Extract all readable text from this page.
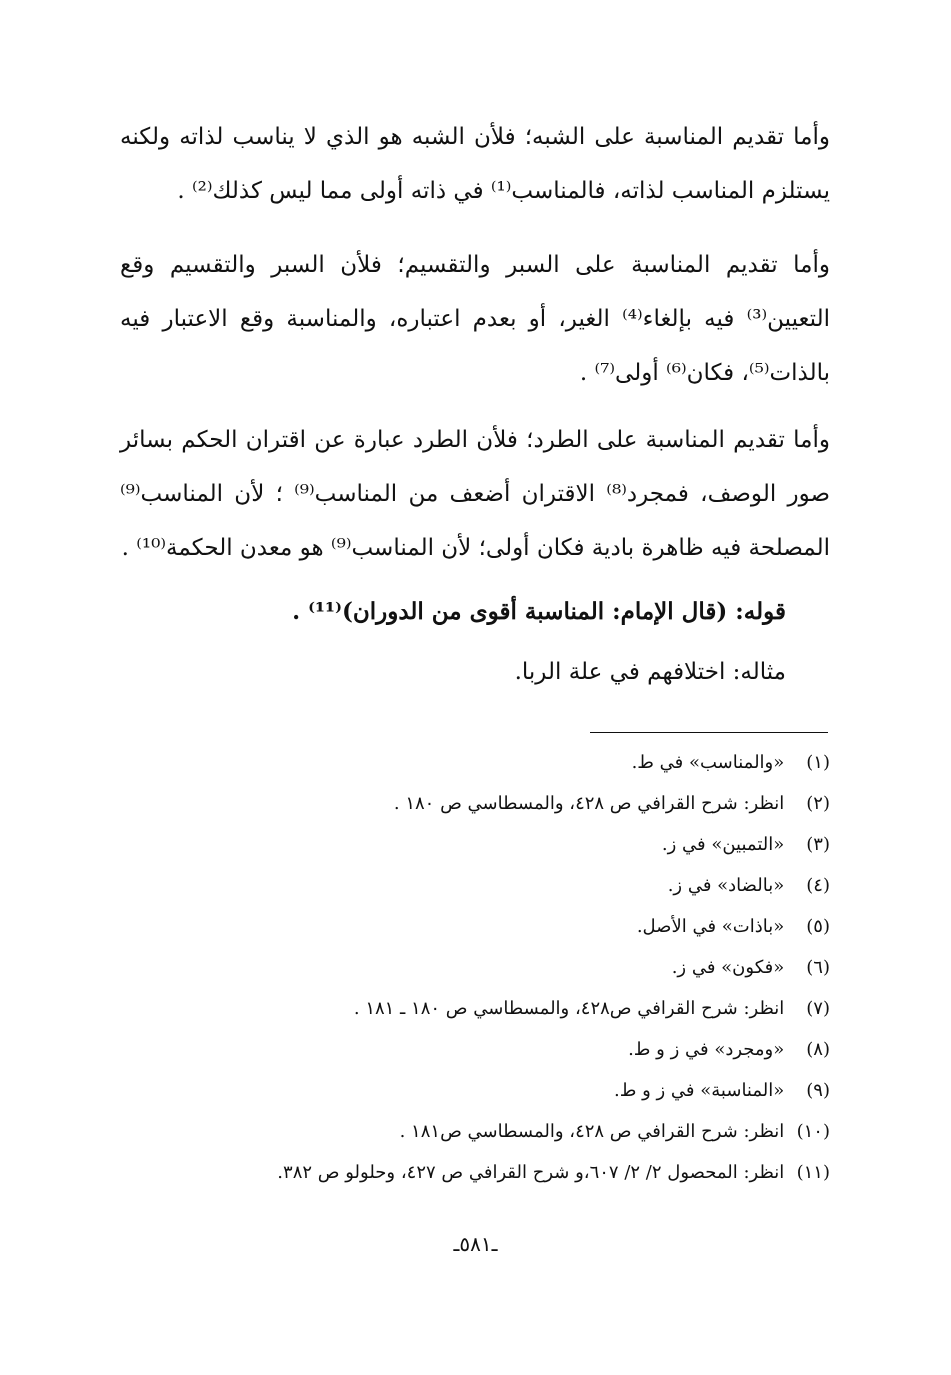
وأما تقديم المناسبة على الشبه؛ فلأن الشبه هو الذي لا يناسب لذاته ولكنه يستلزم المناسب لذاته، فالمناسب⁽¹⁾ في ذاته أولى مما ليس كذلك⁽²⁾ .

وأما تقديم المناسبة على السبر والتقسيم؛ فلأن السبر والتقسيم وقع التعيين⁽³⁾ فيه بإلغاء⁽⁴⁾ الغير، أو بعدم اعتباره، والمناسبة وقع الاعتبار فيه بالذات⁽⁵⁾، فكان⁽⁶⁾ أولى⁽⁷⁾ .

وأما تقديم المناسبة على الطرد؛ فلأن الطرد عبارة عن اقتران الحكم بسائر صور الوصف، فمجرد⁽⁸⁾ الاقتران أضعف من المناسب⁽⁹⁾ ؛ لأن المناسب⁽⁹⁾ المصلحة فيه ظاهرة بادية فكان أولى؛ لأن المناسب⁽⁹⁾ هو معدن الحكمة⁽¹⁰⁾ .

قوله: (قال الإمام: المناسبة أقوى من الدوران)⁽¹¹⁾ .

مثاله: اختلافهم في علة الربا.

(١) «والمناسب» في ط.
(٢) انظر: شرح القرافي ص ٤٢٨، والمسطاسي ص ١٨٠ .
(٣) «التمبين» في ز.
(٤) «بالضاد» في ز.
(٥) «باذات» في الأصل.
(٦) «فكون» في ز.
(٧) انظر: شرح القرافي ص٤٢٨، والمسطاسي ص ١٨٠ ـ ١٨١ .
(٨) «ومجرد» في ز و ط.
(٩) «المناسبة» في ز و ط.
(١٠) انظر: شرح القرافي ص ٤٢٨، والمسطاسي ص١٨١ .
(١١) انظر: المحصول ٢/ ٢/ ٦٠٧،و شرح القرافي ص ٤٢٧، وحلولو ص ٣٨٢.
ـ٥٨١ـ
